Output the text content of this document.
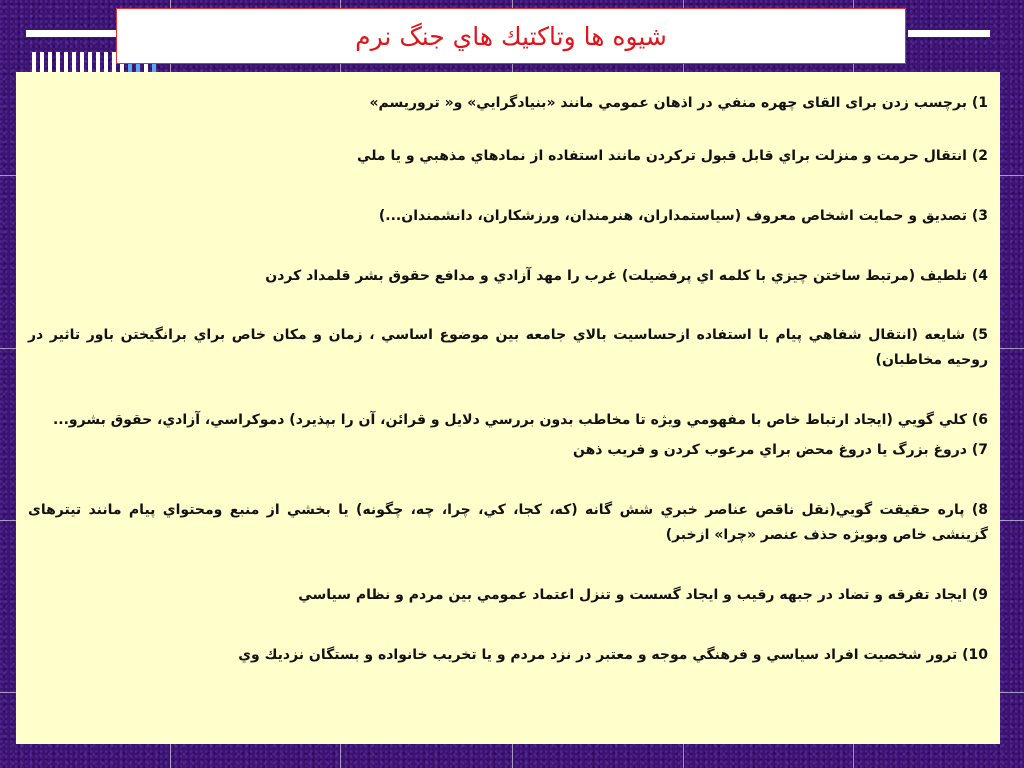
شيوه ها وتاكتيك هاي جنگ نرم
1) برچسب زدن برای القای چهره منفي در اذهان عمومي مانند «بنيادگرايي» و« تروريسم»
2) انتقال حرمت و منزلت براي قابل قبول تركردن مانند استفاده از نمادهاي مذهبي و يا ملي
3) تصديق و حمايت اشخاص معروف (سياستمداران، هنرمندان، ورزشكاران، دانشمندان...)
4) تلطيف (مرتبط ساختن چيزي با كلمه اي پرفضيلت) غرب را مهد آزادي و مدافع حقوق بشر قلمداد كردن
5) شايعه (انتقال شفاهي پيام با استفاده ازحساسيت بالاي جامعه بين موضوع اساسي ، زمان و مكان خاص براي برانگيختن باور تاثير در روحيه مخاطبان)
6) كلي گويي (ايجاد ارتباط خاص با مفهومي ويژه تا مخاطب بدون بررسي دلايل و قرائن، آن را بپذيرد) دموكراسي، آزادي، حقوق بشرو...
7) دروغ بزرگ يا دروغ محض براي مرعوب كردن و فريب ذهن
8) پاره حقيقت گويي(نقل ناقص عناصر خبري شش گانه (كه، كجا، كي، چرا، چه، چگونه) يا بخشي از منبع ومحتواي پيام مانند تيترهای گزينشی خاص وبويژه حذف عنصر «چرا» ازخبر)
9) ايجاد تفرقه و تضاد در جبهه رقيب و ايجاد گسست و تنزل اعتماد عمومي بين مردم و نظام سياسي
10) ترور شخصيت افراد سياسي و فرهنگي موجه و معتبر در نزد مردم و يا تخريب خانواده و بستگان نزديك وي
